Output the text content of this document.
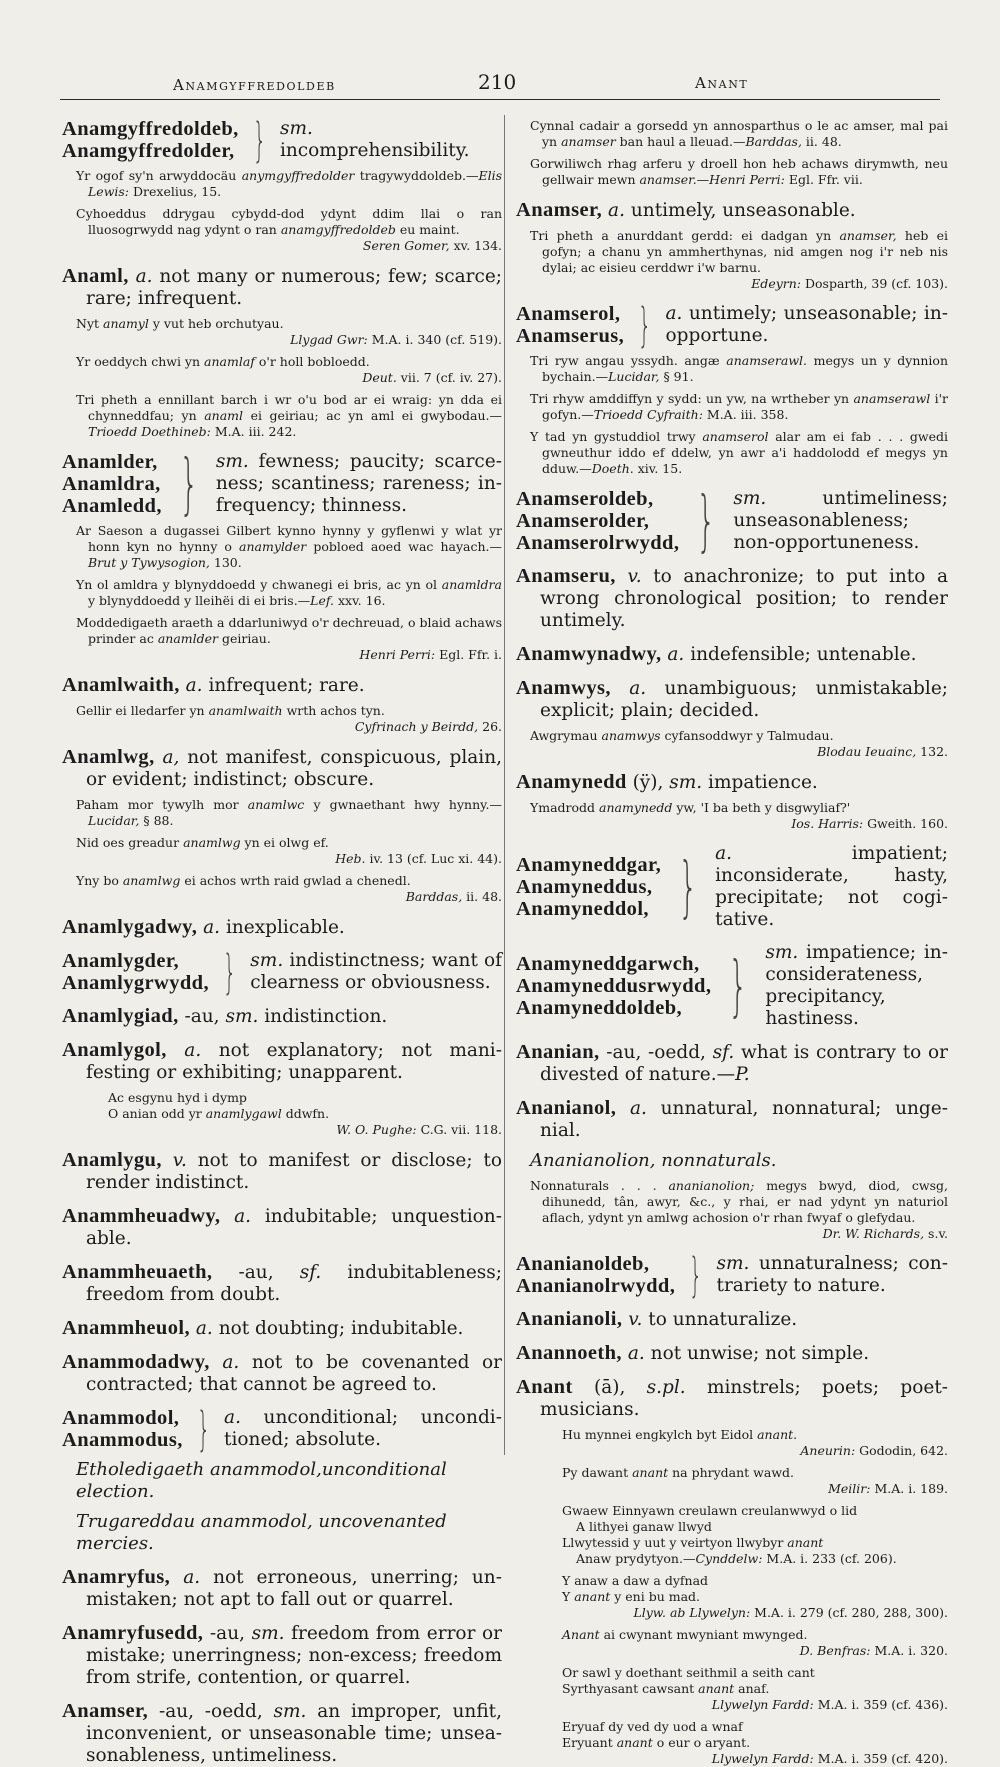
Anamgyffredoldeb	210	Anant
Anamgyffredoldeb,
Anamgyffredolder, } sm. incomprehensibility.
Yr ogof sy'n arwyddocäu anymgyffredolder tragywyddoldeb.—Elis Lewis: Drexelius, 15.
Cyhoeddus ddrygau cybydd-dod ydynt ddim llai o ran lluosogrwydd nag ydynt o ran anamgyffredoldeb eu maint.
Seren Gomer, xv. 134.
Anaml, a. not many or numerous; few; scarce; rare; infrequent.
Nyt anamyl y vut heb orchutyau.
Llygad Gwr: M.A. i. 340 (cf. 519).
Yr oeddych chwi yn anamlaf o'r holl bobloedd.
Deut. vii. 7 (cf. iv. 27).
Tri pheth a ennillant barch i wr o'u bod ar ei wraig: yn dda ei chynneddfau; yn anaml ei geiriau; ac yn aml ei gwybodau.—Trioedd Doethineb: M.A. iii. 242.
Anamlder,
Anamldra,
Anamledd, } sm. fewness; paucity; scarceness; scantiness; rareness; infrequency; thinness.
Ar Saeson a dugassei Gilbert kynno hynny y gyflenwi y wlat yr honn kyn no hynny o anamylder pobloed aoed wac hayach.—Brut y Tywysogion, 130.
Yn ol amldra y blynyddoedd y chwanegi ei bris, ac yn ol anamldra y blynyddoedd y lleihëi di ei bris.—Lef. xxv. 16.
Moddedigaeth araeth a ddarluniwyd o'r dechreuad, o blaid achaws prinder ac anamlder geiriau.
Henri Perri: Egl. Ffr. i.
Anamlwaith, a. infrequent; rare.
Gellir ei lledarfer yn anamlwaith wrth achos tyn.
Cyfrinach y Beirdd, 26.
Anamlwg, a, not manifest, conspicuous, plain, or evident; indistinct; obscure.
Paham mor tywylh mor anamlwc y gwnaethant hwy hynny.—Lucidar, § 88.
Nid oes greadur anamlwg yn ei olwg ef.
Heb. iv. 13 (cf. Luc xi. 44).
Yny bo anamlwg ei achos wrth raid gwlad a chenedl.
Barddas, ii. 48.
Anamlygadwy, a. inexplicable.
Anamlygder,
Anamlygrwydd, } sm. indistinctness; want of clearness or obviousness.
Anamlygiad, -au, sm. indistinction.
Anamlygol, a. not explanatory; not manifesting or exhibiting; unapparent.
Ac esgynu hyd i dymp
O anian odd yr anamlygawl ddwfn.
W. O. Pughe: C.G. vii. 118.
Anamlygu, v. not to manifest or disclose; to render indistinct.
Anammheuadwy, a. indubitable; unquestionable.
Anammheuaeth, -au, sf. indubitableness; freedom from doubt.
Anammheuol, a. not doubting; indubitable.
Anammodadwy, a. not to be covenanted or contracted; that cannot be agreed to.
Anammodol,
Anammodus, } a. unconditional; unconditioned; absolute.
Etholedigaeth anammodol,unconditional election.
Trugareddau anammodol, uncovenanted mercies.
Anamryfus, a. not erroneous, unerring; unmistaken; not apt to fall out or quarrel.
Anamryfusedd, -au, sm. freedom from error or mistake; unerringness; non-excess; freedom from strife, contention, or quarrel.
Anamser, -au, -oedd, sm. an improper, unfit, inconvenient, or unseasonable time; unseasonableness, untimeliness.
Cynnal cadair a gorsedd yn annosparthus o le ac amser, mal pai yn anamser ban haul a lleuad.—Barddas, ii. 48.
Gorwiliwch rhag arferu y droell hon heb achaws dirymwth, neu gellwair mewn anamser.—Henri Perri: Egl. Ffr. vii.
Anamser, a. untimely, unseasonable.
Tri pheth a anurddant gerdd: ei dadgan yn anamser, heb ei gofyn; a chanu yn ammherthynas, nid amgen nog i'r neb nis dylai; ac eisieu cerddwr i'w barnu.
Edeyrn: Dosparth, 39 (cf. 103).
Anamserol,
Anamserus, } a. untimely; unseasonable; inopportune.
Tri ryw angau yssydh. angæ anamserawl. megys un y dynnion bychain.—Lucidar, § 91.
Tri rhyw amddiffyn y sydd: un yw, na wrtheber yn anamserawl i'r gofyn.—Trioedd Cyfraith: M.A. iii. 358.
Y tad yn gystuddiol trwy anamserol alar am ei fab . . . gwedi gwneuthur iddo ef ddelw, yn awr a'i haddolodd ef megys yn dduw.—Doeth. xiv. 15.
Anamseroldeb,
Anamserolder,
Anamserolrwydd, } sm.	untimeliness; unseasonableness; non-opportuneness.
Anamseru, v. to anachronize; to put into a wrong chronological position; to render untimely.
Anamwynadwy, a. indefensible; untenable.
Anamwys, a. unambiguous; unmistakable; explicit; plain; decided.
Awgrymau anamwys cyfansoddwyr y Talmudau.
Blodau Ieuainc, 132.
Anamynedd (ÿ), sm. impatience.
Ymadrodd anamynedd yw, 'I ba beth y disgwyliaf?'
Ios. Harris: Gweith. 160.
Anamyneddgar,
Anamyneddus,
Anamyneddol, } a.	impatient; inconsiderate, hasty, precipitate; not cogitative.
Anamyneddgarwch,
Anamyneddusrwydd,
Anamyneddoldeb, } sm. impatience; inconsiderateness, precipitancy, hastiness.
Ananian, -au, -oedd, sf. what is contrary to or divested of nature.—P.
Ananianol, a. unnatural, nonnatural; ungenial.
Ananianolion, nonnaturals.
Nonnaturals . . . ananianolion; megys bwyd, diod, cwsg, dihunedd, tân, awyr, &c., y rhai, er nad ydynt yn naturiol aflach, ydynt yn amlwg achosion o'r rhan fwyaf o glefydau.
Dr. W. Richards, s.v.
Ananianoldeb,
Ananianolrwydd, } sm. unnaturalness; contrariety to nature.
Ananianoli, v. to unnaturalize.
Anannoeth, a. not unwise; not simple.
Anant (ā), s.pl. minstrels; poets; poet-musicians.
Hu mynnei engkylch byt Eidol anant.
Aneurin: Gododin, 642.
Py dawant anant na phrydant wawd.
Meilir: M.A. i. 189.
Gwaew Einnyawn creulawn creulanwwyd o lid
A lithyei ganaw llwyd
Llwytessid y uut y veirtyon llwybyr anant
Anaw prydytyon.—Cynddelw: M.A. i. 233 (cf. 206).
Y anaw a daw a dyfnad
Y anant y eni bu mad.
Llyw. ab Llywelyn: M.A. i. 279 (cf. 280, 288, 300).
Anant ai cwynant mwyniant mwynged.
D. Benfras: M.A. i. 320.
Or sawl y doethant seithmil a seith cant
Syrthyasant cawsant anant anaf.
Llywelyn Fardd: M.A. i. 359 (cf. 436).
Eryuaf dy ved dy uod a wnaf
Eryuant anant o eur o aryant.
Llywelyn Fardd: M.A. i. 359 (cf. 420).
